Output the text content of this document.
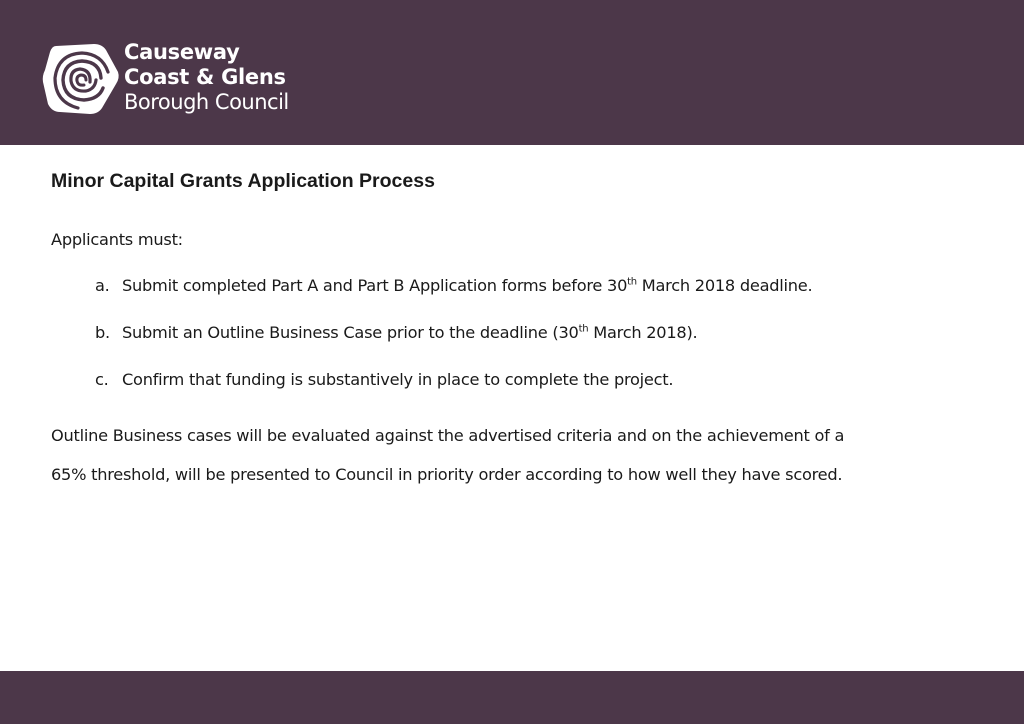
Causeway
Coast & Glens
Borough Council
Minor Capital Grants Application Process
Applicants must:
a. Submit completed Part A and Part B Application forms before 30th March 2018 deadline.
b. Submit an Outline Business Case prior to the deadline (30th March 2018).
c. Confirm that funding is substantively in place to complete the project.
Outline Business cases will be evaluated against the advertised criteria and on the achievement of a
65% threshold, will be presented to Council in priority order according to how well they have scored.
